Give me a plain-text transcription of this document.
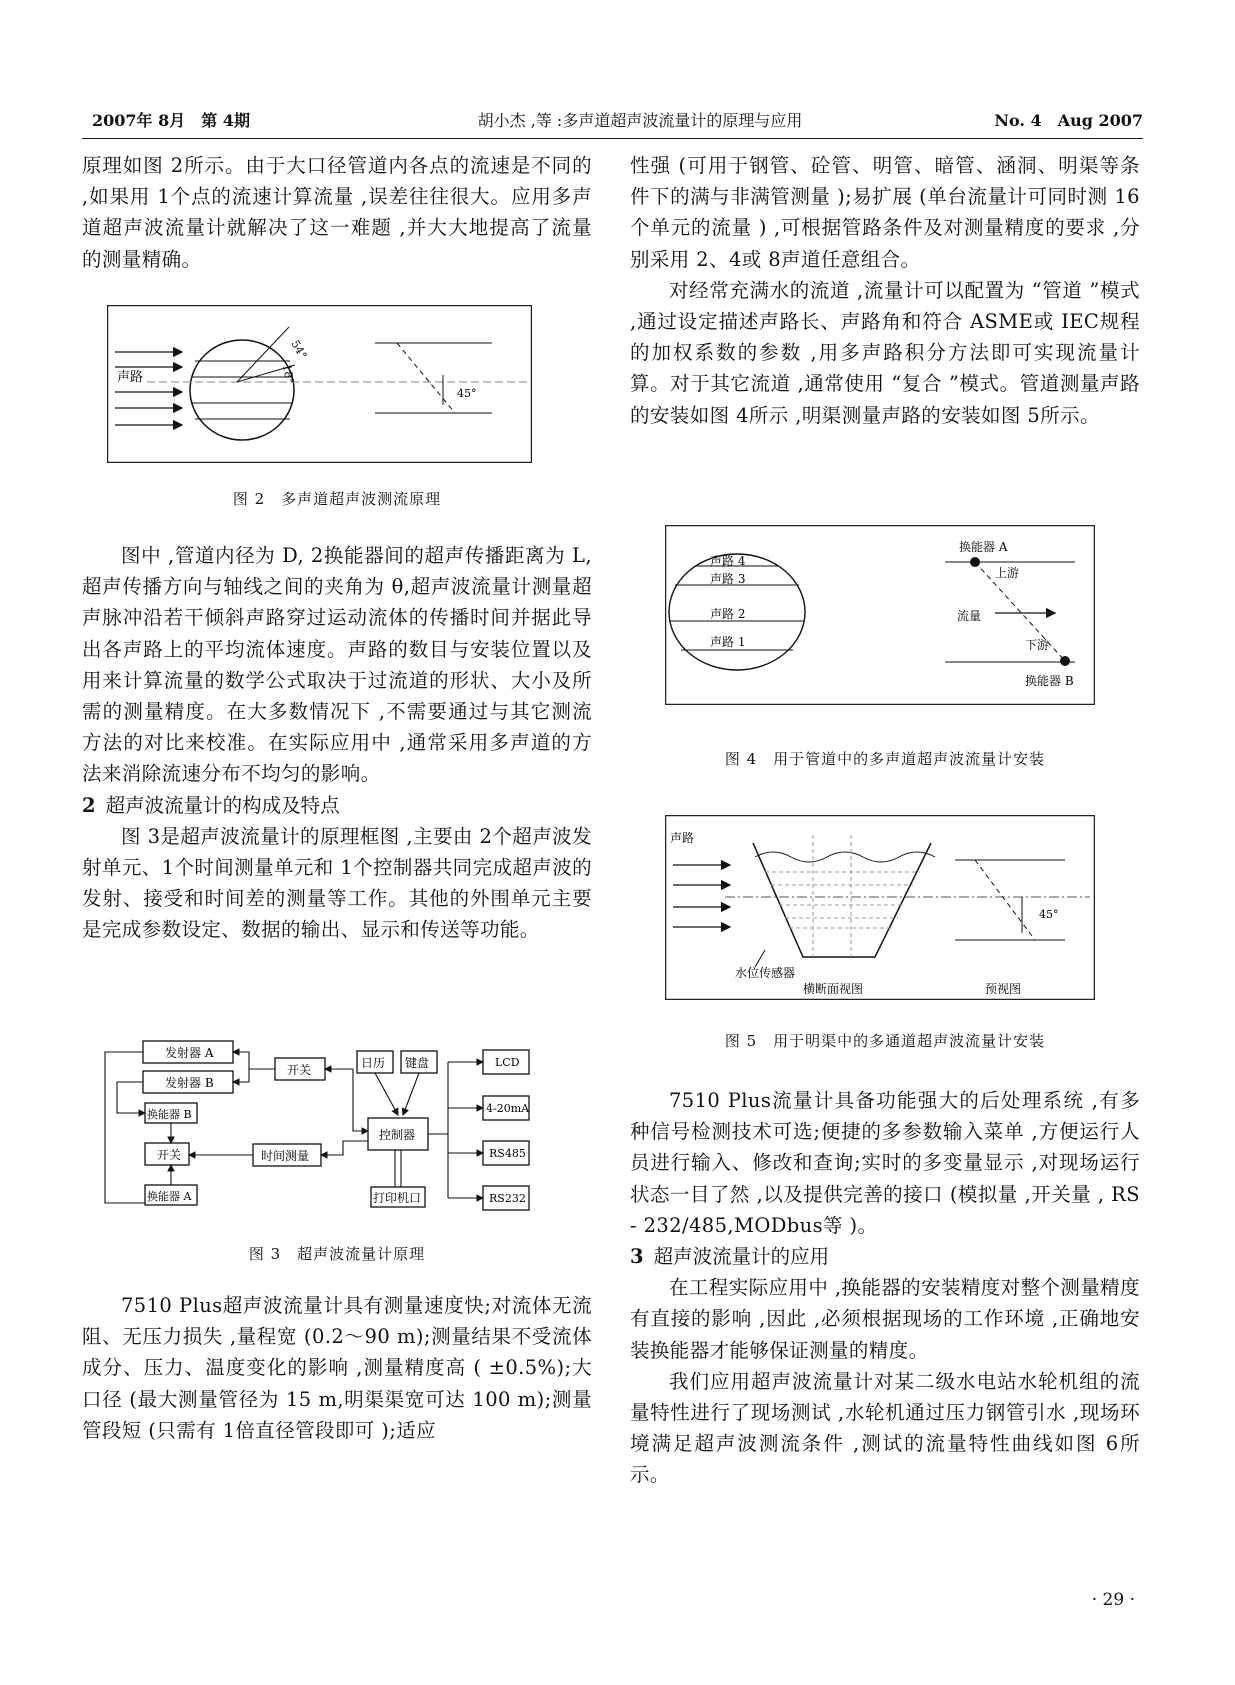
2007年 8月　第 4期	胡小杰 ,等 :多声道超声波流量计的原理与应用	No. 4　Aug 2007

原理如图 2所示。由于大口径管道内各点的流速是不同的 ,如果用 1个点的流速计算流量 ,误差往往很大。应用多声道超声波流量计就解决了这一难题 ,并大大地提高了流量的测量精确。

声路
54°
18°
45°
图 2　多声道超声波测流原理

图中 ,管道内径为 D, 2换能器间的超声传播距离为 L,超声传播方向与轴线之间的夹角为 θ,超声波流量计测量超声脉冲沿若干倾斜声路穿过运动流体的传播时间并据此导出各声路上的平均流体速度。声路的数目与安装位置以及用来计算流量的数学公式取决于过流道的形状、大小及所需的测量精度。在大多数情况下 ,不需要通过与其它测流方法的对比来校准。在实际应用中 ,通常采用多声道的方法来消除流速分布不均匀的影响。

2 超声波流量计的构成及特点

图 3是超声波流量计的原理框图 ,主要由 2个超声波发射单元、1个时间测量单元和 1个控制器共同完成超声波的发射、接受和时间差的测量等工作。其他的外围单元主要是完成参数设定、数据的输出、显示和传送等功能。

发射器 A
发射器 B
开关	日历 键盘
换能器 B
开关	时间测量
控制器
换能器 A	打印机口
LCD
4-20mA
RS485
RS232
图 3　超声波流量计原理

7510 Plus超声波流量计具有测量速度快;对流体无流阻、无压力损失 ,量程宽 (0.2～90 m);测量结果不受流体成分、压力、温度变化的影响 ,测量精度高 ( ±0.5%);大口径 (最大测量管径为 15 m,明渠渠宽可达 100 m);测量管段短 (只需有 1倍直径管段即可 );适应

性强 (可用于钢管、砼管、明管、暗管、涵洞、明渠等条件下的满与非满管测量 );易扩展 (单台流量计可同时测 16个单元的流量 ) ,可根据管路条件及对测量精度的要求 ,分别采用 2、4或 8声道任意组合。

对经常充满水的流道 ,流量计可以配置为 “管道 ”模式 ,通过设定描述声路长、声路角和符合 ASME或 IEC规程的加权系数的参数 ,用多声路积分方法即可实现流量计算。对于其它流道 ,通常使用 “复合 ”模式。管道测量声路的安装如图 4所示 ,明渠测量声路的安装如图 5所示。

声路 4
声路 3
声路 2
声路 1
换能器 A
上游
流量
下游
换能器 B
图 4　用于管道中的多声道超声波流量计安装
声路
45°
水位传感器
横断面视图	预视图
图 5　用于明渠中的多通道超声波流量计安装

7510 Plus流量计具备功能强大的后处理系统 ,有多种信号检测技术可选;便捷的多参数输入菜单 ,方便运行人员进行输入、修改和查询;实时的多变量显示 ,对现场运行状态一目了然 ,以及提供完善的接口 (模拟量 ,开关量 , RS - 232/485,MODbus等 )。

3 超声波流量计的应用

在工程实际应用中 ,换能器的安装精度对整个测量精度有直接的影响 ,因此 ,必须根据现场的工作环境 ,正确地安装换能器才能够保证测量的精度。

我们应用超声波流量计对某二级水电站水轮机组的流量特性进行了现场测试 ,水轮机通过压力钢管引水 ,现场环境满足超声波测流条件 ,测试的流量特性曲线如图 6所示。

· 29 ·
